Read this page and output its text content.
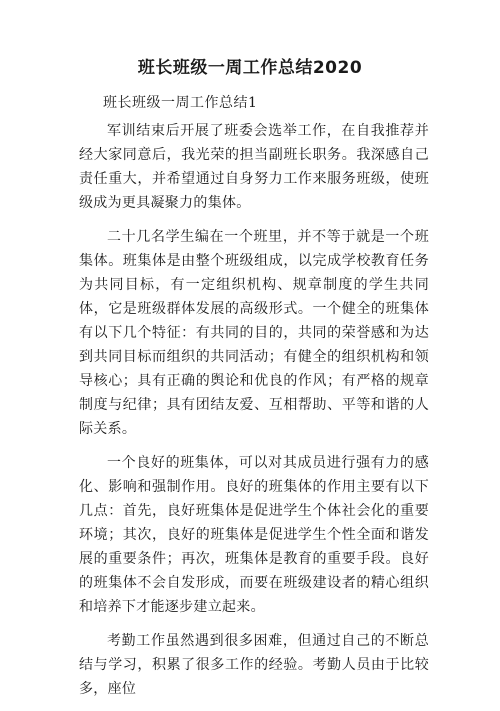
班长班级一周工作总结2020
班长班级一周工作总结1

军训结束后开展了班委会选举工作，在自我推荐并经大家同意后，我光荣的担当副班长职务。我深感自己责任重大，并希望通过自身努力工作来服务班级，使班级成为更具凝聚力的集体。

二十几名学生编在一个班里，并不等于就是一个班集体。班集体是由整个班级组成，以完成学校教育任务为共同目标，有一定组织机构、规章制度的学生共同体，它是班级群体发展的高级形式。一个健全的班集体有以下几个特征：有共同的目的，共同的荣誉感和为达到共同目标而组织的共同活动；有健全的组织机构和领导核心；具有正确的舆论和优良的作风；有严格的规章制度与纪律；具有团结友爱、互相帮助、平等和谐的人际关系。

一个良好的班集体，可以对其成员进行强有力的感化、影响和强制作用。良好的班集体的作用主要有以下几点：首先，良好班集体是促进学生个体社会化的重要环境；其次，良好的班集体是促进学生个性全面和谐发展的重要条件；再次，班集体是教育的重要手段。良好的班集体不会自发形成，而要在班级建设者的精心组织和培养下才能逐步建立起来。

考勤工作虽然遇到很多困难，但通过自己的不断总结与学习，积累了很多工作的经验。考勤人员由于比较多，座位
